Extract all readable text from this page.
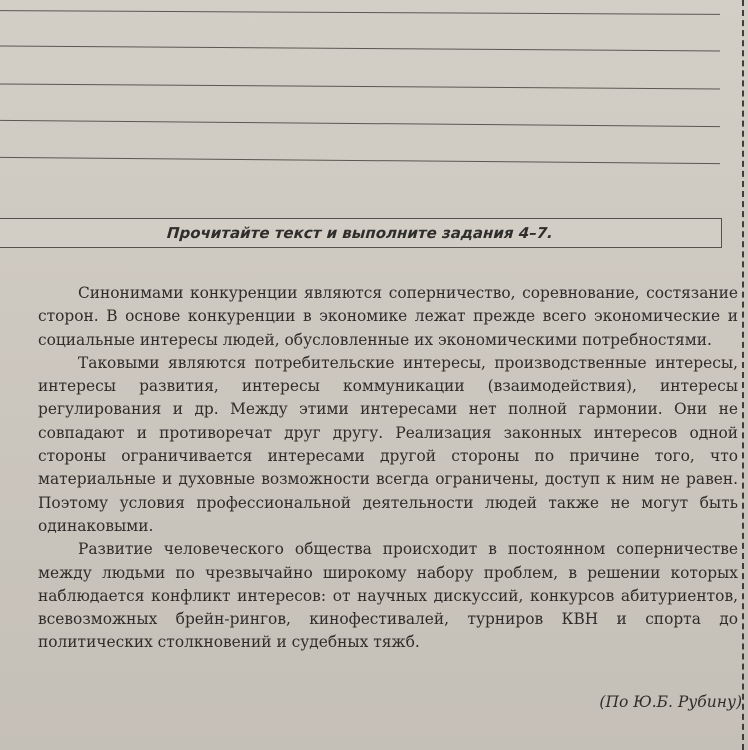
Прочитайте текст и выполните задания 4–7.

Синонимами конкуренции являются соперничество, соревнование, состязание сторон. В основе конкуренции в экономике лежат прежде всего экономические и социальные интересы людей, обусловленные их экономическими потребностями.

Таковыми являются потребительские интересы, производственные интересы, интересы развития, интересы коммуникации (взаимодействия), интересы регулирования и др. Между этими интересами нет полной гармонии. Они не совпадают и противоречат друг другу. Реализация законных интересов одной стороны ограничивается интересами другой стороны по причине того, что материальные и духовные возможности всегда ограничены, доступ к ним не равен. Поэтому условия профессиональной деятельности людей также не могут быть одинаковыми.

Развитие человеческого общества происходит в постоянном соперничестве между людьми по чрезвычайно широкому набору проблем, в решении которых наблюдается конфликт интересов: от научных дискуссий, конкурсов абитуриентов, всевозможных брейн-рингов, кинофестивалей, турниров КВН и спорта до политических столкновений и судебных тяжб.

(По Ю.Б. Рубину)
